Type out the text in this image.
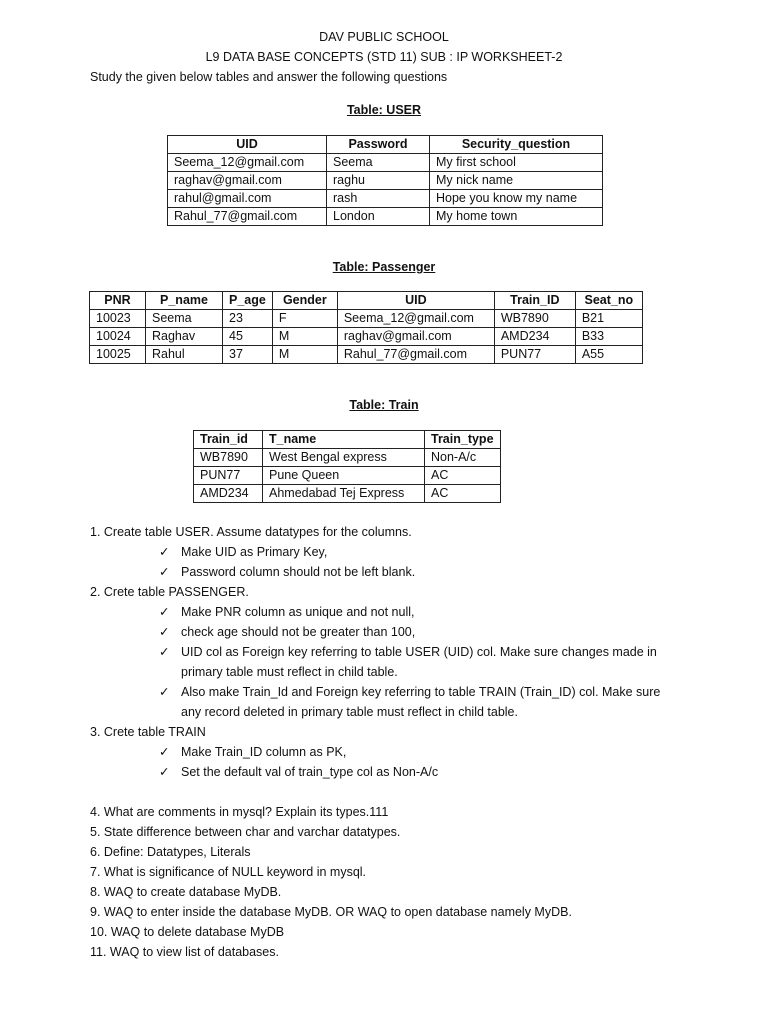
DAV PUBLIC SCHOOL
L9 DATA BASE CONCEPTS (STD 11) SUB : IP WORKSHEET-2
Study the given below tables and answer the following questions
Table: USER
UID	Password	Security_question
Seema_12@gmail.com	Seema	My first school
raghav@gmail.com	raghu	My nick name
rahul@gmail.com	rash	Hope you know my name
Rahul_77@gmail.com	London	My home town
Table: Passenger
PNR	P_name	P_age	Gender	UID	Train_ID	Seat_no
10023	Seema	23	F	Seema_12@gmail.com	WB7890	B21
10024	Raghav	45	M	raghav@gmail.com	AMD234	B33
10025	Rahul	37	M	Rahul_77@gmail.com	PUN77	A55
Table: Train
Train_id	T_name	Train_type
WB7890	West Bengal express	Non-A/c
PUN77	Pune Queen	AC
AMD234	Ahmedabad Tej Express	AC
1. Create table USER. Assume datatypes for the columns.
✓ Make UID as Primary Key,
✓ Password column should not be left blank.
2. Crete table PASSENGER.
✓ Make PNR column as unique and not null,
✓ check age should not be greater than 100,
✓ UID col as Foreign key referring to table USER (UID) col. Make sure changes made in
primary table must reflect in child table.
✓ Also make Train_Id and Foreign key referring to table TRAIN (Train_ID) col. Make sure
any record deleted in primary table must reflect in child table.
3. Crete table TRAIN
✓ Make Train_ID column as PK,
✓ Set the default val of train_type col as Non-A/c
4. What are comments in mysql? Explain its types.111
5. State difference between char and varchar datatypes.
6. Define: Datatypes, Literals
7. What is significance of NULL keyword in mysql.
8. WAQ to create database MyDB.
9. WAQ to enter inside the database MyDB. OR WAQ to open database namely MyDB.
10. WAQ to delete database MyDB
11. WAQ to view list of databases.
